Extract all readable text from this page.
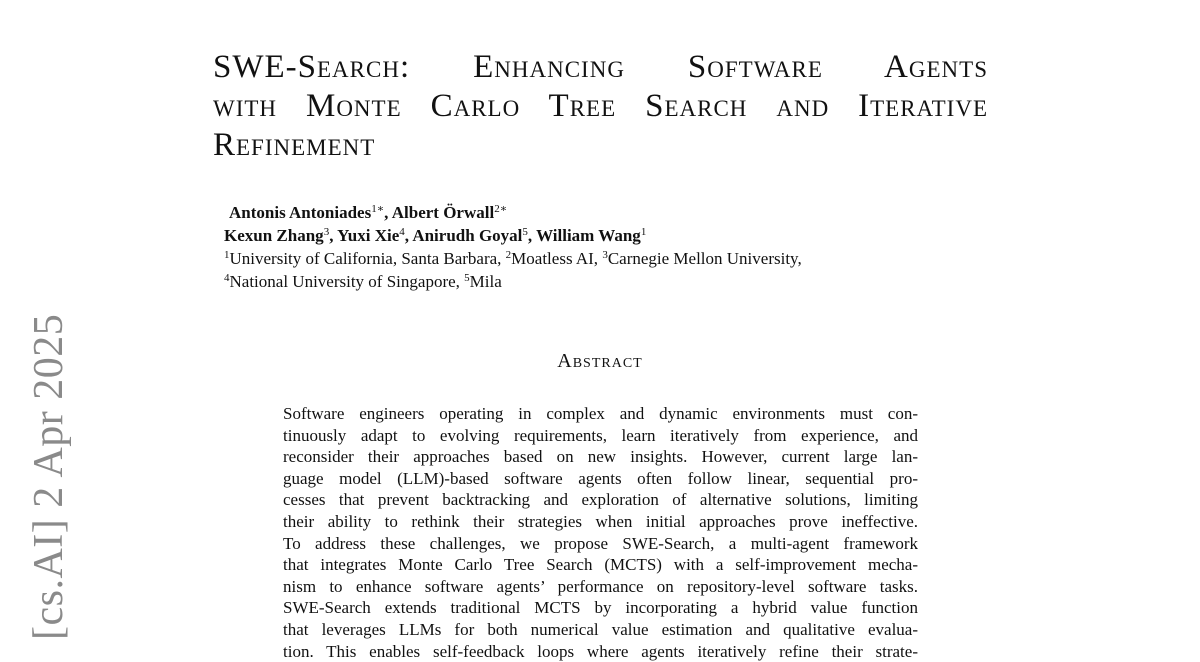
[cs.AI] 2 Apr 2025
SWE-Search: Enhancing Software Agents
with Monte Carlo Tree Search and Iterative
Refinement
Antonis Antoniades$^{1∗}$, Albert Örwall$^{2∗}$
Kexun Zhang$^3$, Yuxi Xie$^4$, Anirudh Goyal$^5$, William Wang$^1$
$^1$University of California, Santa Barbara, $^2$Moatless AI, $^3$Carnegie Mellon University,
$^4$National University of Singapore, $^5$Mila
Abstract
Software engineers operating in complex and dynamic environments must con-
tinuously adapt to evolving requirements, learn iteratively from experience, and
reconsider their approaches based on new insights. However, current large lan-
guage model (LLM)-based software agents often follow linear, sequential pro-
cesses that prevent backtracking and exploration of alternative solutions, limiting
their ability to rethink their strategies when initial approaches prove ineffective.
To address these challenges, we propose SWE-Search, a multi-agent framework
that integrates Monte Carlo Tree Search (MCTS) with a self-improvement mecha-
nism to enhance software agents’ performance on repository-level software tasks.
SWE-Search extends traditional MCTS by incorporating a hybrid value function
that leverages LLMs for both numerical value estimation and qualitative evalua-
tion. This enables self-feedback loops where agents iteratively refine their strate-
